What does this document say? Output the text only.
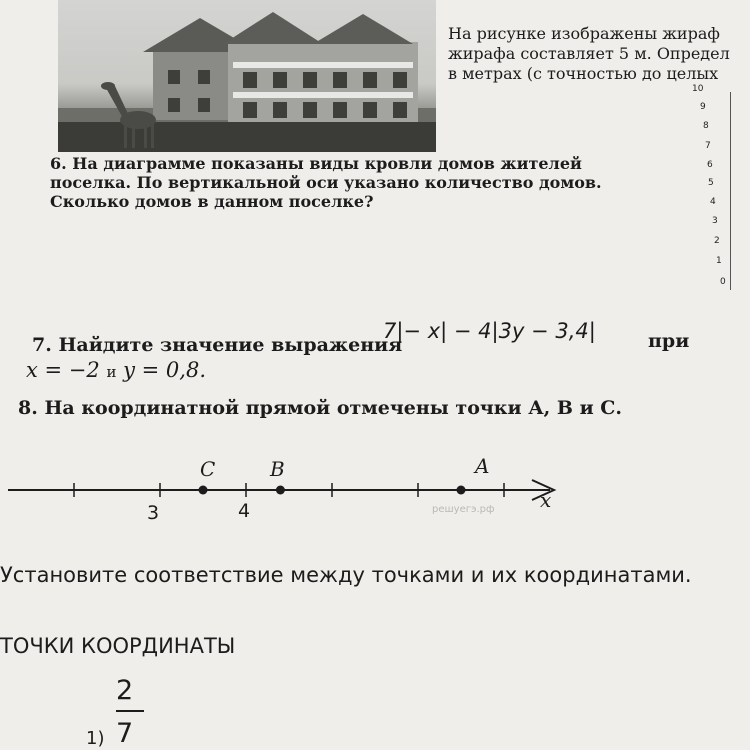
На рисунке изображены жираф
жирафа составляет 5 м. Определ
в метрах (с точностью до целых
10
9
8
7
6
5
4
3
2
1
0
6. На диаграмме показаны виды кровли домов жителей
поселка. По вертикальной оси указано количество домов.
Сколько домов в данном поселке?
7. Найдите значение выражения
7|− x| − 4|3y − 3,4|	при
x = −2 и y = 0,8.
8. На координатной прямой отмечены точки А, В и С.
3	4
C	B	A
x
решуегэ.рф
Установите соответствие между точками и их координатами.
ТОЧКИ КООРДИНАТЫ
2
1) 7
